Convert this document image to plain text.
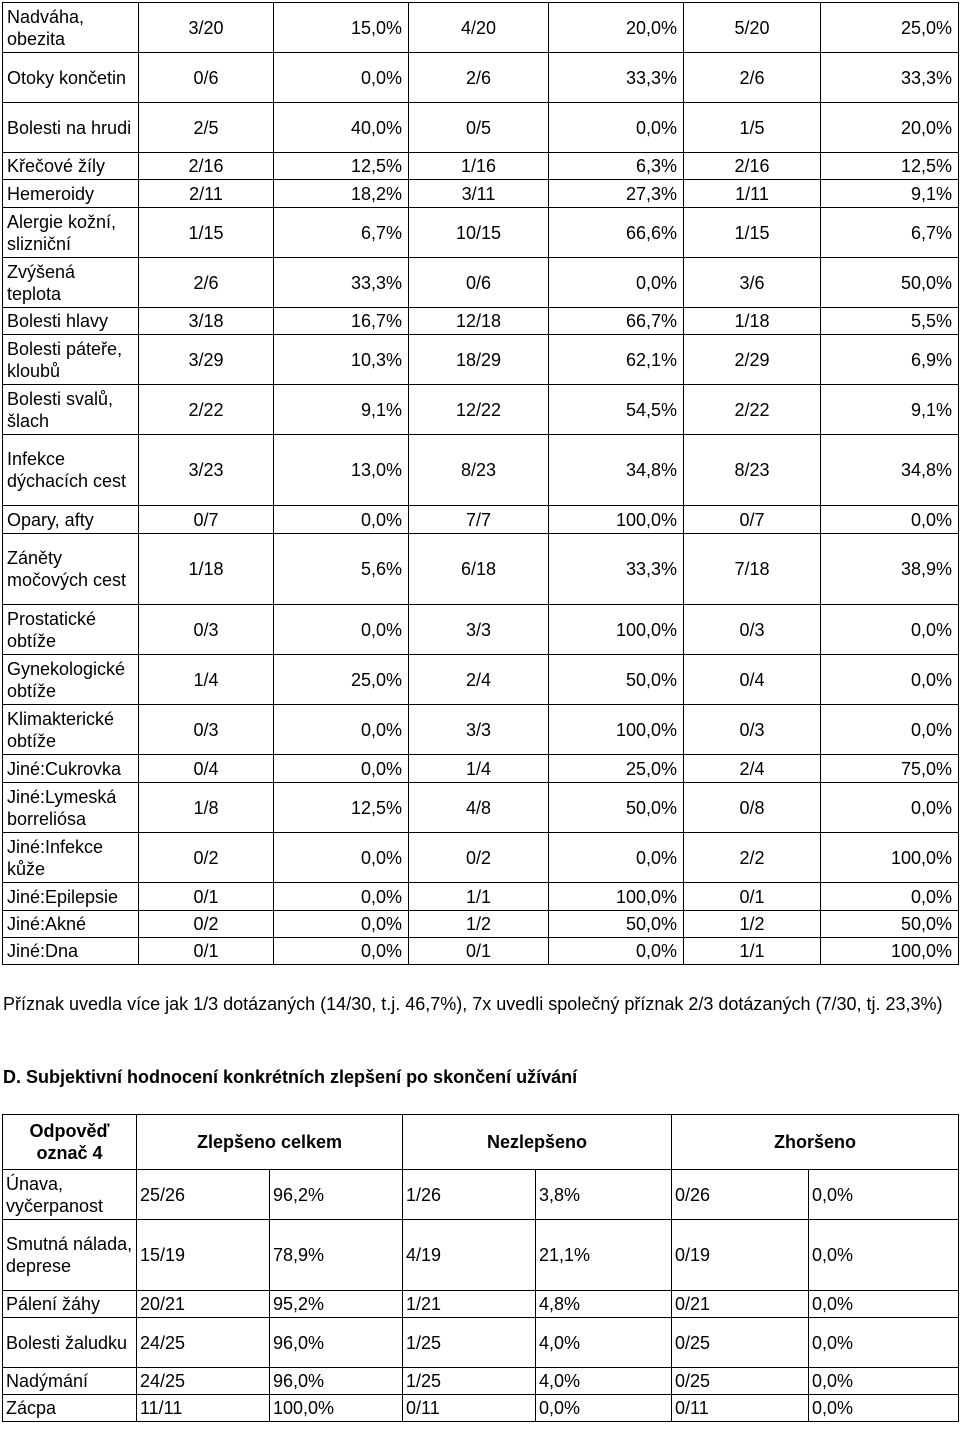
Nadváha, obezita	3/20	15,0%	4/20	20,0%	5/20	25,0%
Otoky končetin	0/6	0,0%	2/6	33,3%	2/6	33,3%
Bolesti na hrudi	2/5	40,0%	0/5	0,0%	1/5	20,0%
Křečové žíly	2/16	12,5%	1/16	6,3%	2/16	12,5%
Hemeroidy	2/11	18,2%	3/11	27,3%	1/11	9,1%
Alergie kožní, slizniční	1/15	6,7%	10/15	66,6%	1/15	6,7%
Zvýšená teplota	2/6	33,3%	0/6	0,0%	3/6	50,0%
Bolesti hlavy	3/18	16,7%	12/18	66,7%	1/18	5,5%
Bolesti páteře, kloubů	3/29	10,3%	18/29	62,1%	2/29	6,9%
Bolesti svalů, šlach	2/22	9,1%	12/22	54,5%	2/22	9,1%
Infekce dýchacích cest	3/23	13,0%	8/23	34,8%	8/23	34,8%
Opary, afty	0/7	0,0%	7/7	100,0%	0/7	0,0%
Záněty močových cest	1/18	5,6%	6/18	33,3%	7/18	38,9%
Prostatické obtíže	0/3	0,0%	3/3	100,0%	0/3	0,0%
Gynekologické obtíže	1/4	25,0%	2/4	50,0%	0/4	0,0%
Klimakterické obtíže	0/3	0,0%	3/3	100,0%	0/3	0,0%
Jiné:Cukrovka	0/4	0,0%	1/4	25,0%	2/4	75,0%
Jiné:Lymeská borreliósa	1/8	12,5%	4/8	50,0%	0/8	0,0%
Jiné:Infekce kůže	0/2	0,0%	0/2	0,0%	2/2	100,0%
Jiné:Epilepsie	0/1	0,0%	1/1	100,0%	0/1	0,0%
Jiné:Akné	0/2	0,0%	1/2	50,0%	1/2	50,0%
Jiné:Dna	0/1	0,0%	0/1	0,0%	1/1	100,0%

Příznak uvedla více jak 1/3 dotázaných (14/30, t.j. 46,7%), 7x uvedli společný příznak 2/3 dotázaných (7/30, tj. 23,3%)

D. Subjektivní hodnocení konkrétních zlepšení po skončení užívání

Odpověď označ 4	Zlepšeno celkem		Nezlepšeno		Zhoršeno	
Únava, vyčerpanost	25/26	96,2%	1/26	3,8%	0/26	0,0%
Smutná nálada, deprese	15/19	78,9%	4/19	21,1%	0/19	0,0%
Pálení žáhy	20/21	95,2%	1/21	4,8%	0/21	0,0%
Bolesti žaludku	24/25	96,0%	1/25	4,0%	0/25	0,0%
Nadýmání	24/25	96,0%	1/25	4,0%	0/25	0,0%
Zácpa	11/11	100,0%	0/11	0,0%	0/11	0,0%
